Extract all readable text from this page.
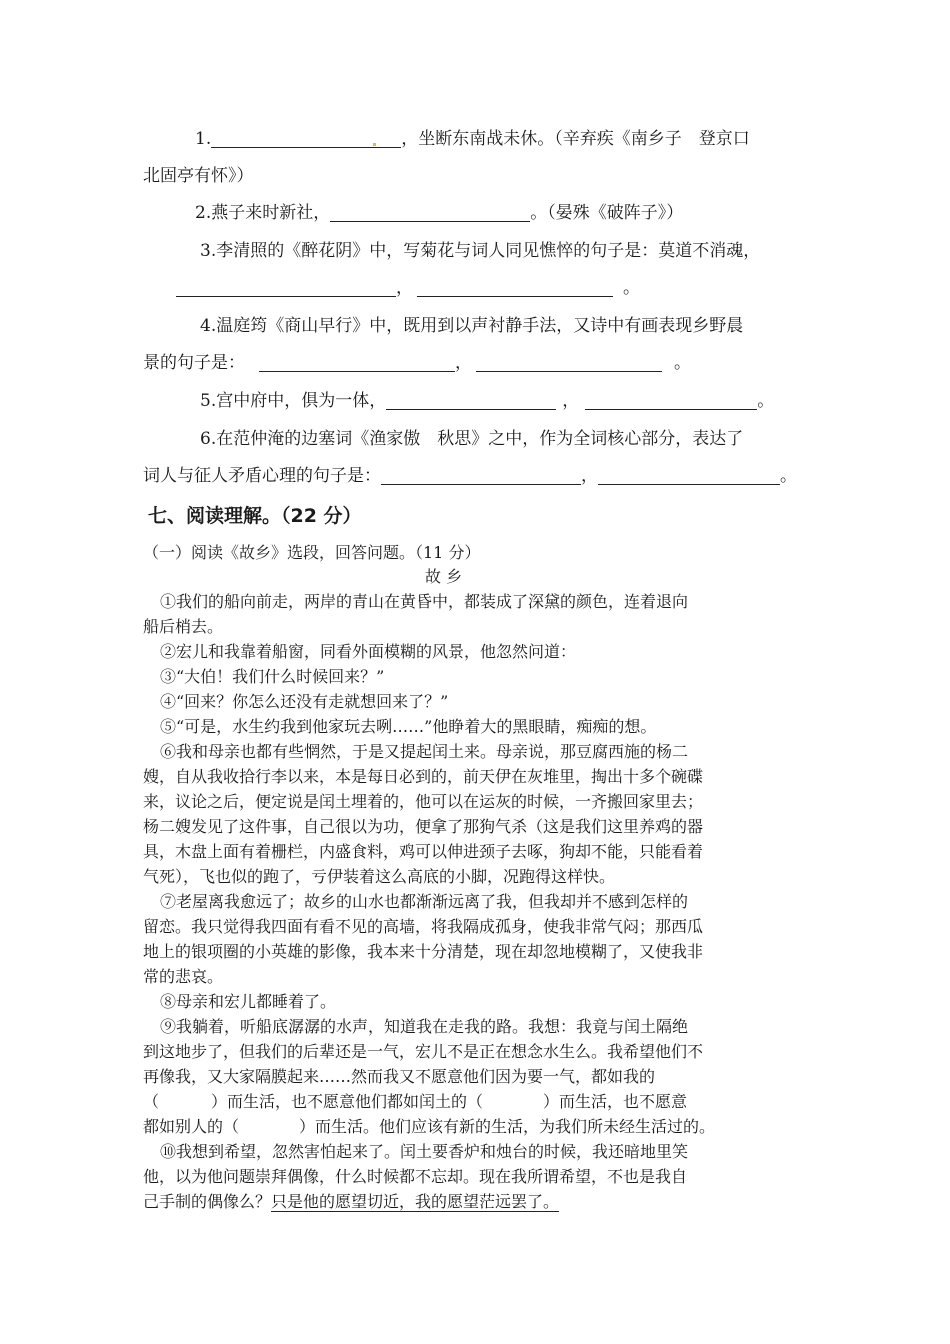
1.	，坐断东南战未休。（辛弃疾《南乡子　登京口
北固亭有怀》）
2.燕子来时新社，	。（晏殊《破阵子》）
3.李清照的《醉花阴》中，写菊花与词人同见憔悴的句子是：莫道不消魂，
，	。
4.温庭筠《商山早行》中，既用到以声衬静手法，又诗中有画表现乡野晨
景的句子是：	，	。
5.宫中府中，俱为一体，	，	。
6.在范仲淹的边塞词《渔家傲　秋思》之中，作为全词核心部分，表达了
词人与征人矛盾心理的句子是：	，	。
七、阅读理解。（22 分）
（一）阅读《故乡》选段，回答问题。（11 分）
故 乡
①我们的船向前走，两岸的青山在黄昏中，都装成了深黛的颜色，连着退向
船后梢去。
②宏儿和我靠着船窗，同看外面模糊的风景，他忽然问道：
③“大伯！我们什么时候回来？”
④“回来？你怎么还没有走就想回来了？”
⑤“可是，水生约我到他家玩去咧……”他睁着大的黑眼睛，痴痴的想。
⑥我和母亲也都有些惘然，于是又提起闰土来。母亲说，那豆腐西施的杨二
嫂，自从我收拾行李以来，本是每日必到的，前天伊在灰堆里，掏出十多个碗碟
来，议论之后，便定说是闰土埋着的，他可以在运灰的时候，一齐搬回家里去；
杨二嫂发见了这件事，自己很以为功，便拿了那狗气杀（这是我们这里养鸡的器
具，木盘上面有着栅栏，内盛食料，鸡可以伸进颈子去啄，狗却不能，只能看着
气死），飞也似的跑了，亏伊装着这么高底的小脚，况跑得这样快。
⑦老屋离我愈远了；故乡的山水也都渐渐远离了我，但我却并不感到怎样的
留恋。我只觉得我四面有看不见的高墙，将我隔成孤身，使我非常气闷；那西瓜
地上的银项圈的小英雄的影像，我本来十分清楚，现在却忽地模糊了，又使我非
常的悲哀。
⑧母亲和宏儿都睡着了。
⑨我躺着，听船底潺潺的水声，知道我在走我的路。我想：我竟与闰土隔绝
到这地步了，但我们的后辈还是一气，宏儿不是正在想念水生么。我希望他们不
再像我，又大家隔膜起来……然而我又不愿意他们因为要一气，都如我的
（	）而生活，也不愿意他们都如闰土的（	）而生活，也不愿意
都如别人的（	）而生活。他们应该有新的生活，为我们所未经生活过的。
⑩我想到希望，忽然害怕起来了。闰土要香炉和烛台的时候，我还暗地里笑
他，以为他问题崇拜偶像，什么时候都不忘却。现在我所谓希望，不也是我自
己手制的偶像么？只是他的愿望切近，我的愿望茫远罢了。
